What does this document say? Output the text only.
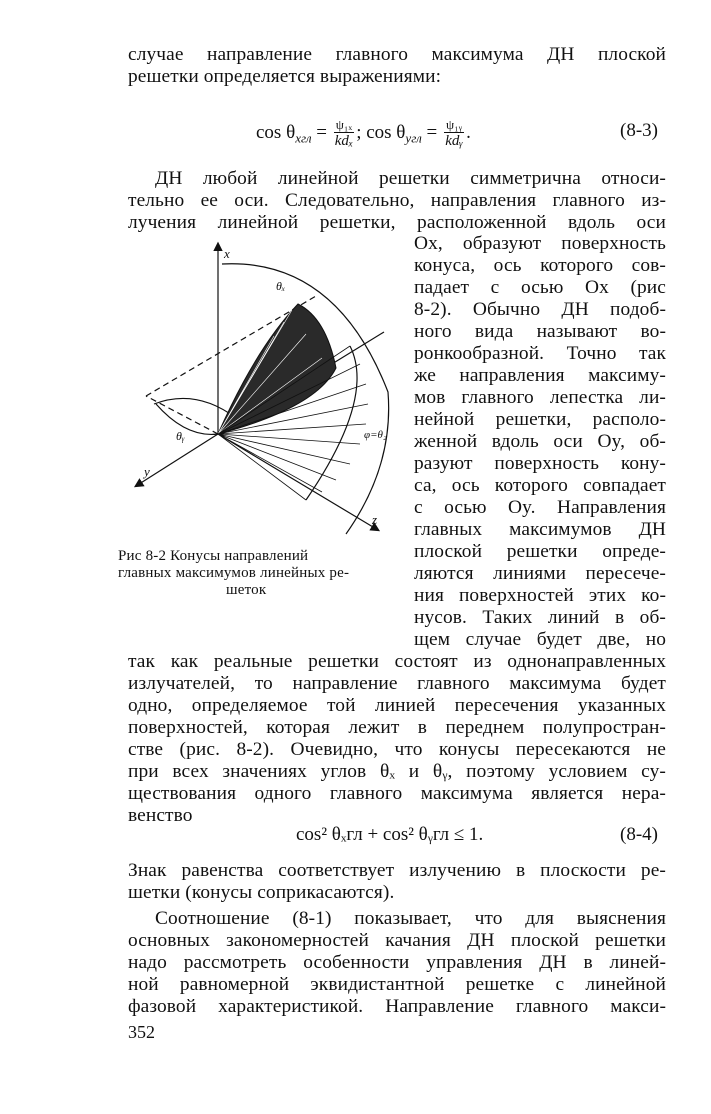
случае направление главного максимума ДН плоской
решетки определяется выражениями:
$\cos \theta_{xгл} = \frac{\text{ψ₁ₓ}}{\text{kdₓ}}$ ; $\cos \theta_{yгл} = \frac{\text{ψ₁ᵧ}}{\text{kdᵧ}}$ .	(8-3)
ДН любой линейной решетки симметрична относи-
тельно ее оси. Следовательно, направления главного из-
лучения линейной решетки, расположенной вдоль оси
Ox, образуют поверхность
конуса, ось которого сов-
падает с осью Ox (рис
8-2). Обычно ДН подоб-
ного вида называют во-
ронкообразной. Точно так
же направления максиму-
мов главного лепестка ли-
нейной решетки, располо-
женной вдоль оси Oy, об-
разуют поверхность кону-
са, ось которого совпадает
с осью Oy. Направления
главных максимумов ДН
плоской решетки опреде-
ляются линиями пересече-
ния поверхностей этих ко-
нусов. Таких линий в об-
щем случае будет две, но
x
y
z
θₓ
θᵧ	φ=θ₂
Рис 8-2 Конусы направлений
главных максимумов линейных ре-
шеток
так как реальные решетки состоят из однонаправленных
излучателей, то направление главного максимума будет
одно, определяемое той линией пересечения указанных
поверхностей, которая лежит в переднем полупростран-
стве (рис. 8-2). Очевидно, что конусы пересекаются не
при всех значениях углов θₓ и θᵧ, поэтому условием су-
ществования одного главного максимума является нера-
венство
cos² θₓгл + cos² θᵧгл ≤ 1.	(8-4)
Знак равенства соответствует излучению в плоскости ре-
шетки (конусы соприкасаются).
Соотношение (8-1) показывает, что для выяснения
основных закономерностей качания ДН плоской решетки
надо рассмотреть особенности управления ДН в линей-
ной равномерной эквидистантной решетке с линейной
фазовой характеристикой. Направление главного макси-
352
